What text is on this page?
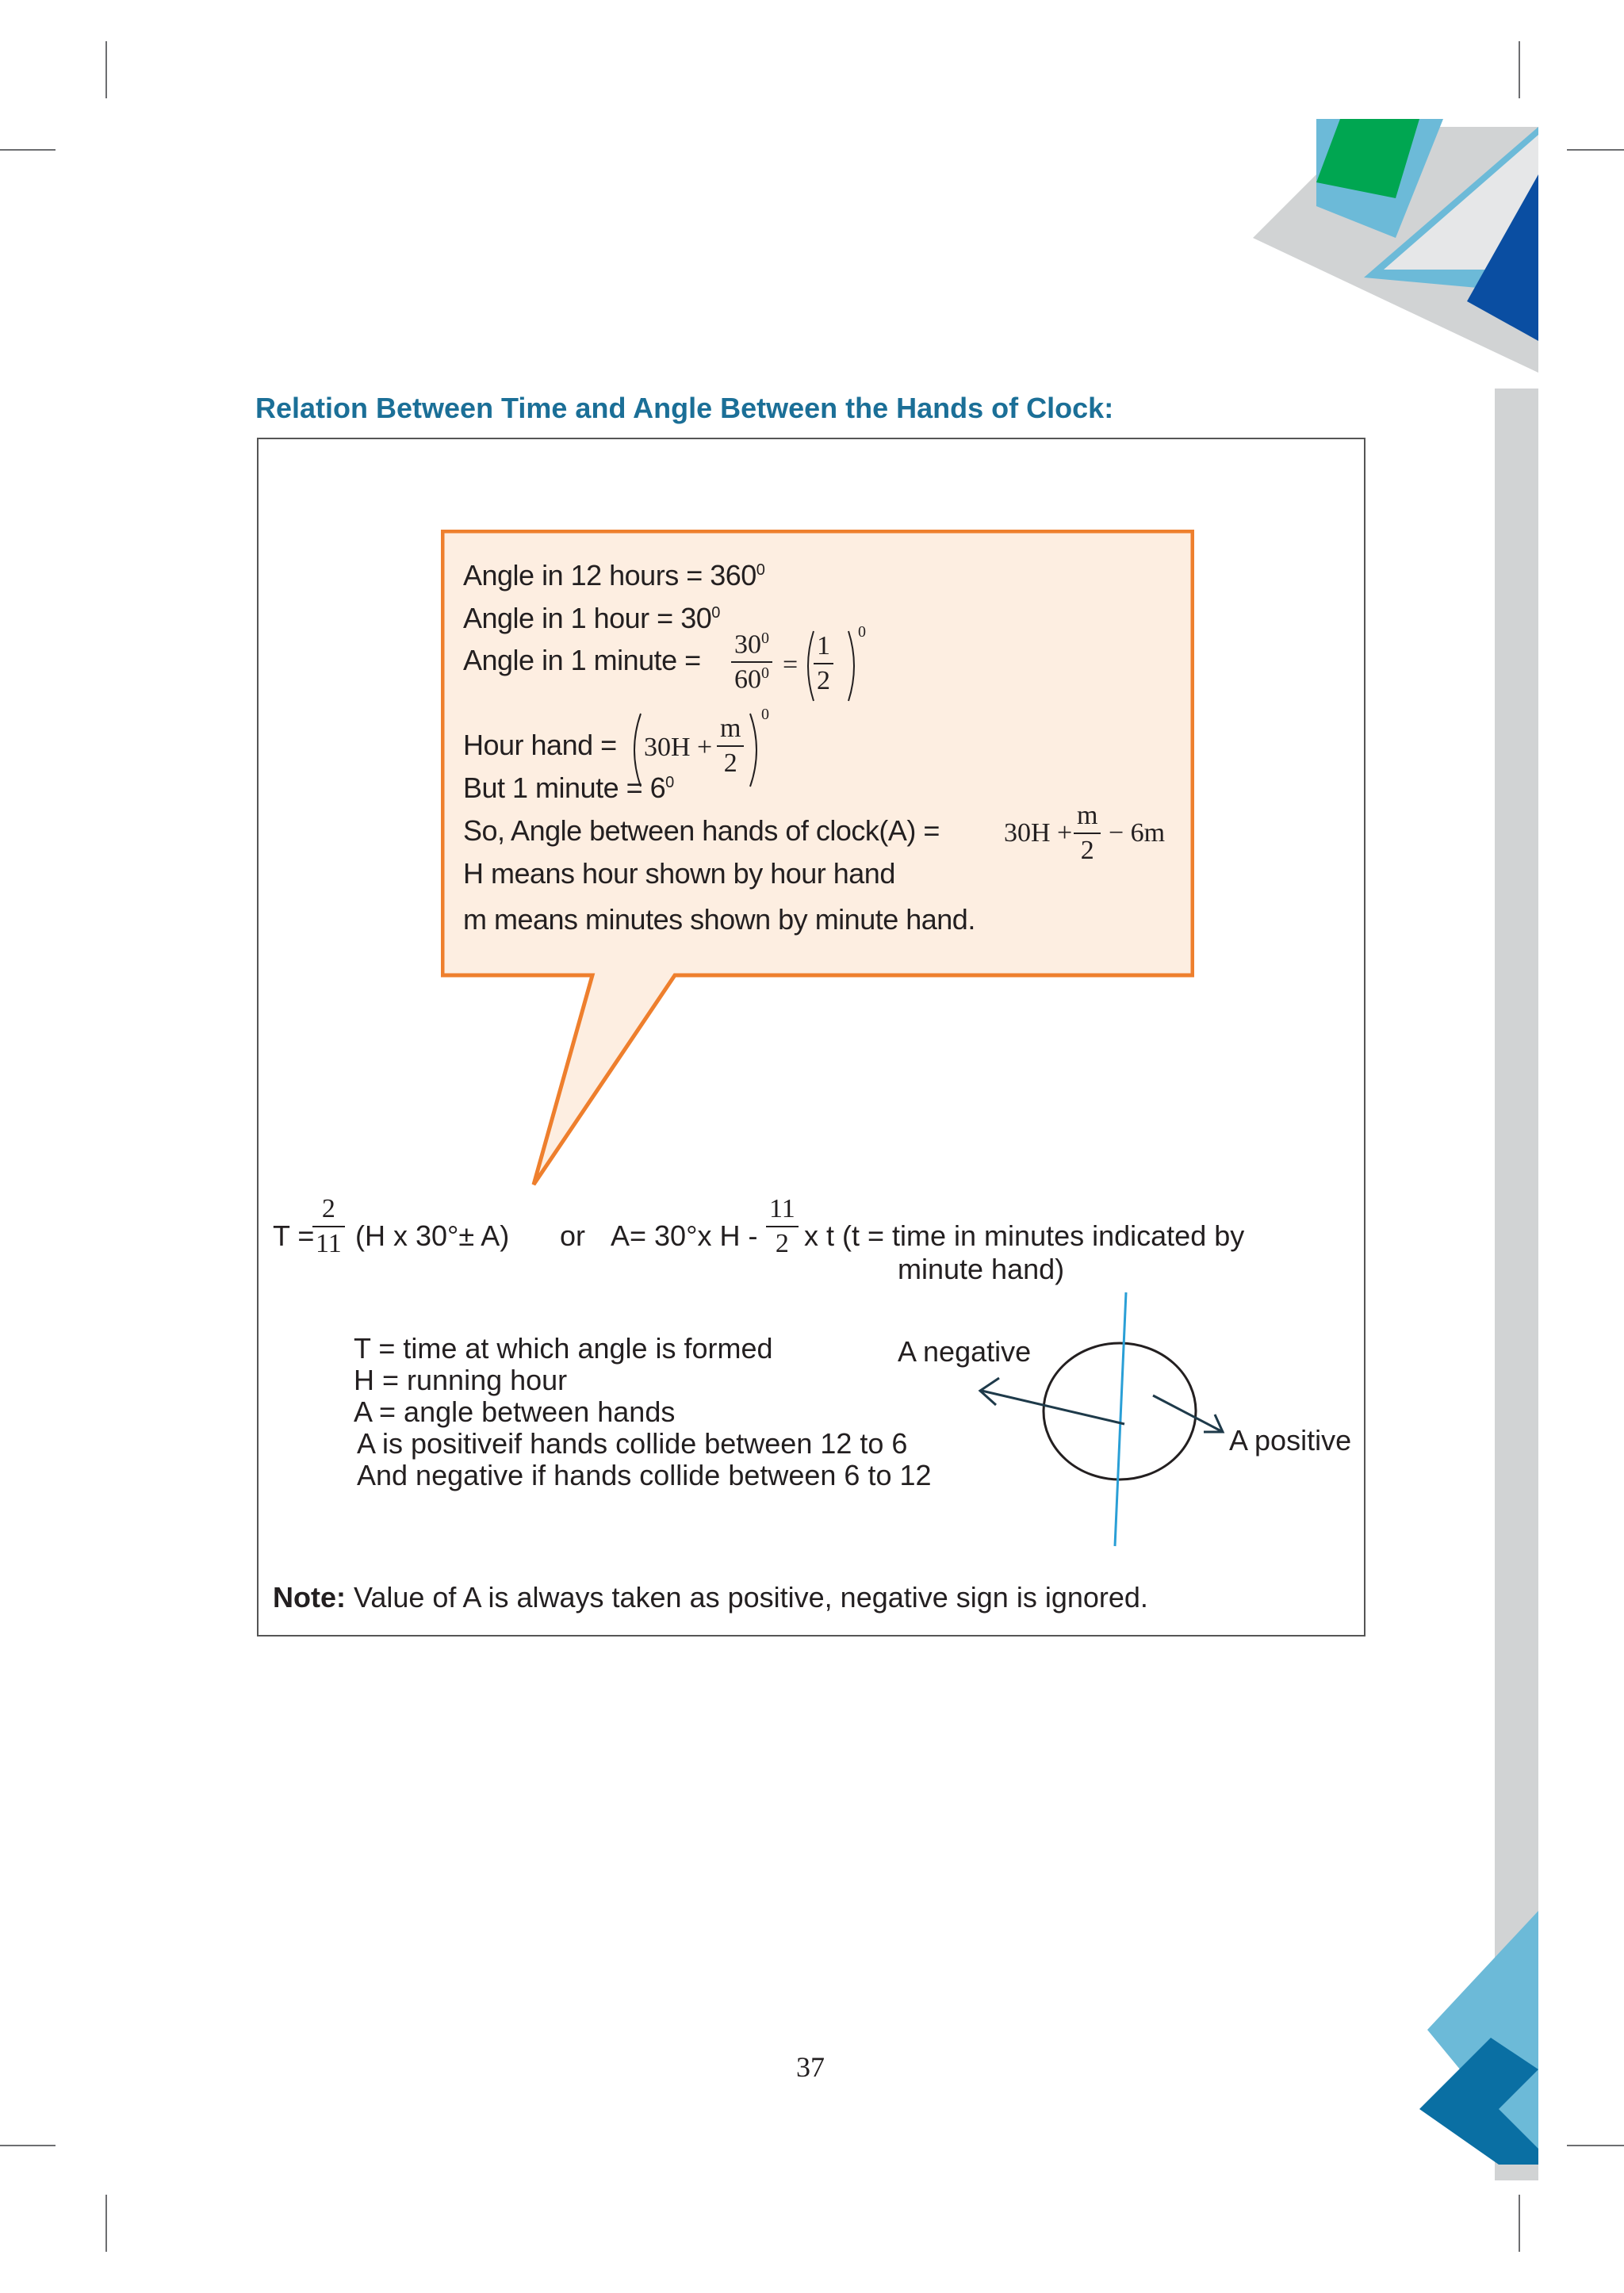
Relation Between Time and Angle Between the Hands of Clock:
Angle in 12 hours = $360^0$
Angle in 1 hour = $30^0$
Angle in 1 minute = $\frac{30^0}{60^0} = \frac{1}{2} 0$
Hour hand = $30H + \frac{m}{2} 0$
But 1 minute = $6^0$
So, Angle between hands of clock(A) = $30H + \frac{m}{2} - 6m$
H means hour shown by hour hand
m means minutes shown by minute hand.
T =
$\frac{2}{11} (H$ x 30°± A) or A= 30°x H - $\frac{11}{2}$ x t (t = time in minutes indicated by
minute hand)
T = time at which angle is formed
H = running hour
A = angle between hands
A is positiveif hands collide between 12 to 6
And negative if hands collide between 6 to 12
A negative
A positive
Note: Value of A is always taken as positive, negative sign is ignored.
37
